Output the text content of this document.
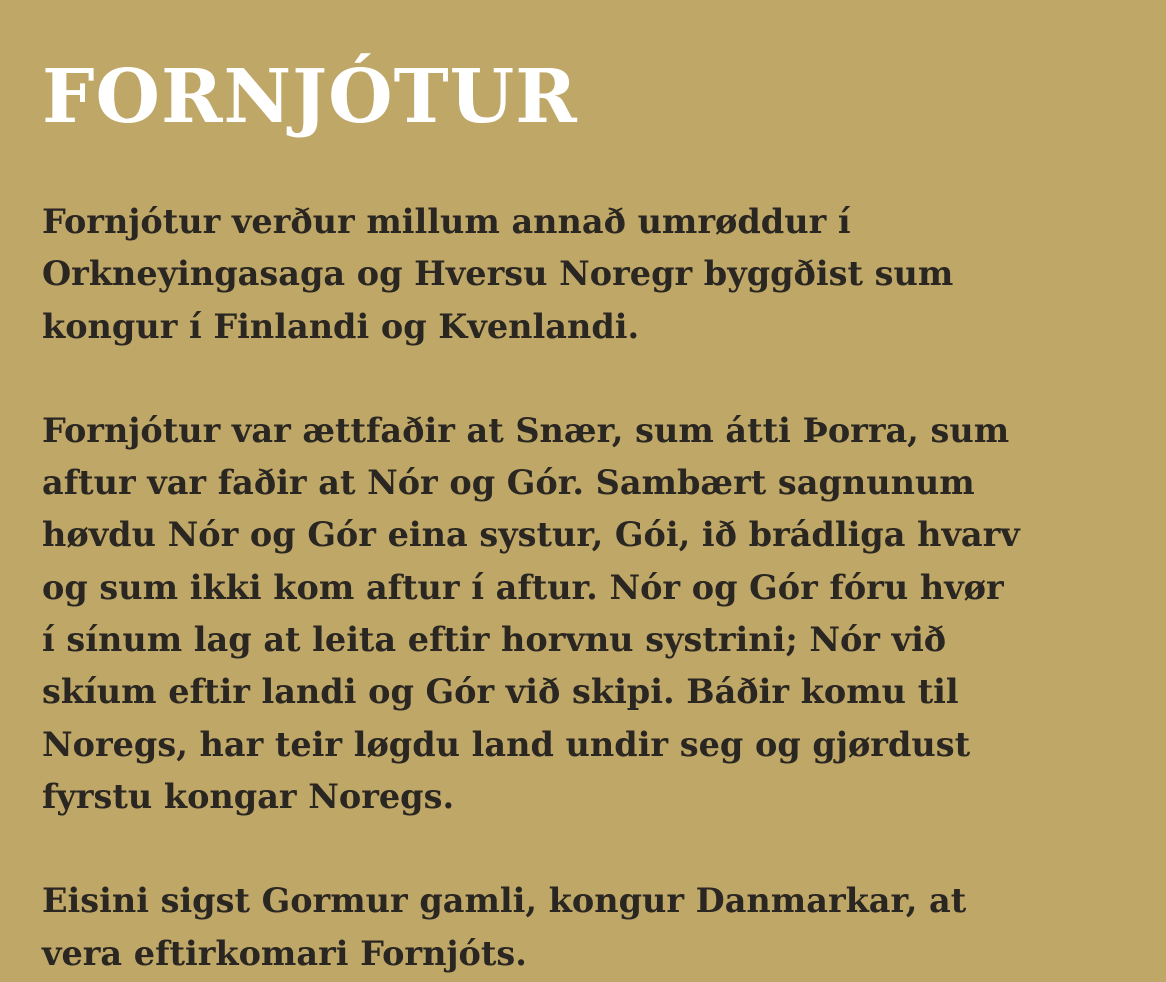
FORNJÓTUR

Fornjótur verður millum annað umrøddur í
Orkneyingasaga og Hversu Noregr byggðist sum
kongur í Finlandi og Kvenlandi.

Fornjótur var ættfaðir at Snær, sum átti Þorra, sum
aftur var faðir at Nór og Gór. Sambært sagnunum
høvdu Nór og Gór eina systur, Gói, ið brádliga hvarv
og sum ikki kom aftur í aftur. Nór og Gór fóru hvør
í sínum lag at leita eftir horvnu systrini; Nór við
skíum eftir landi og Gór við skipi. Báðir komu til
Noregs, har teir løgdu land undir seg og gjørdust
fyrstu kongar Noregs.

Eisini sigst Gormur gamli, kongur Danmarkar, at
vera eftirkomari Fornjóts.
